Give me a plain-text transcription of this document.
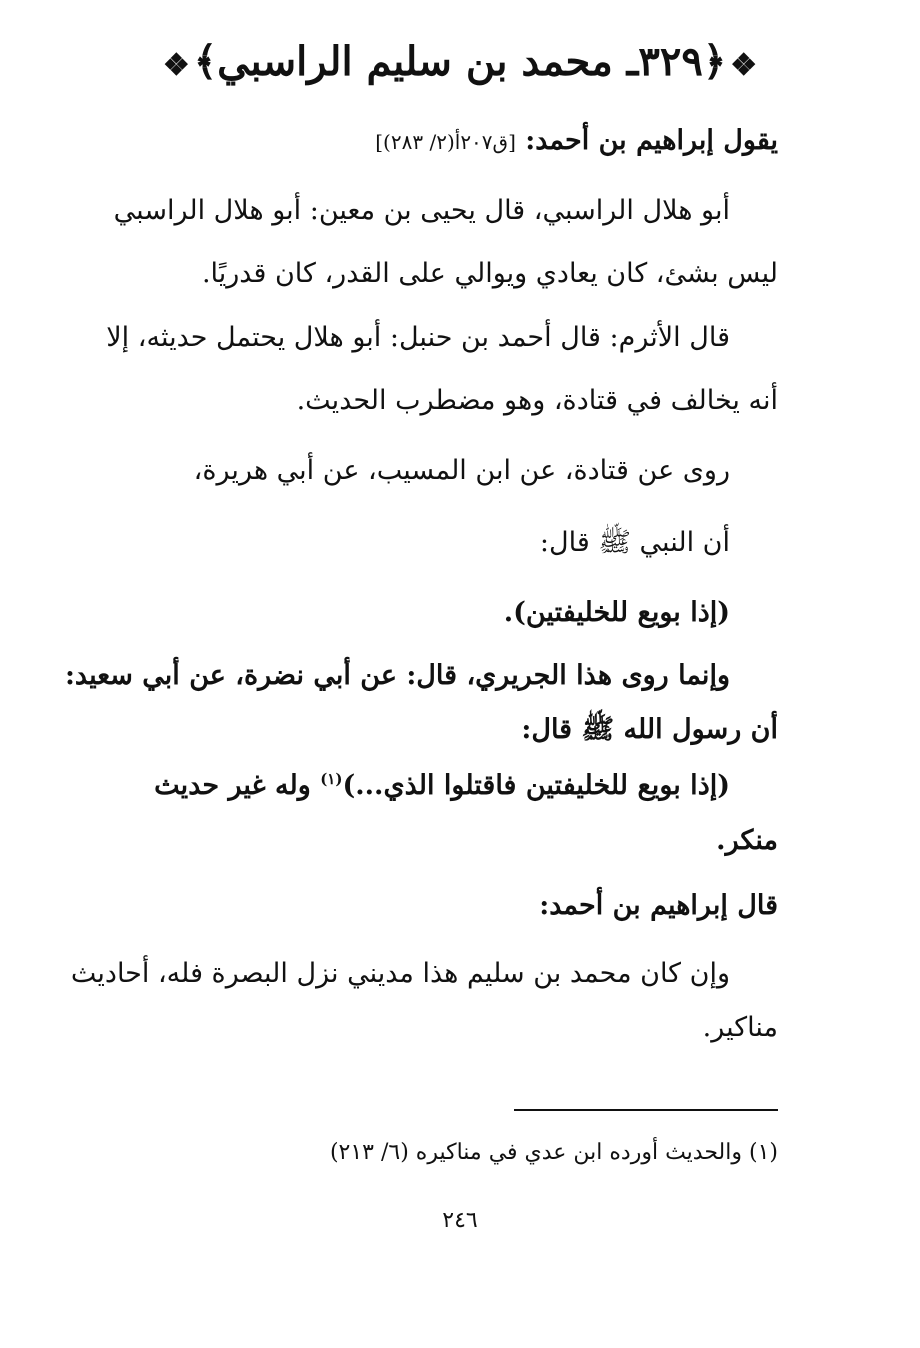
❖﴿٣٢٩ـ محمد بن سليم الراسبي﴾❖
يقول إبراهيم بن أحمد: [ق٢٠٧أ(٢/ ٢٨٣)]
أبو هلال الراسبي، قال يحيى بن معين: أبو هلال الراسبي
ليس بشئ، كان يعادي ويوالي على القدر، كان قدريًا.
قال الأثرم: قال أحمد بن حنبل: أبو هلال يحتمل حديثه، إلا
أنه يخالف في قتادة، وهو مضطرب الحديث.
روى عن قتادة، عن ابن المسيب، عن أبي هريرة،
أن النبي ﷺ قال:
(إذا بويع للخليفتين).
وإنما روى هذا الجريري، قال: عن أبي نضرة، عن أبي سعيد:
أن رسول الله ﷺ قال:
(إذا بويع للخليفتين فاقتلوا الذي...)$^{(١)}$ وله غير حديث
منكر.
قال إبراهيم بن أحمد:
وإن كان محمد بن سليم هذا مديني نزل البصرة فله، أحاديث
مناكير.
(١) والحديث أورده ابن عدي في مناكيره (٦/ ٢١٣)
٢٤٦
